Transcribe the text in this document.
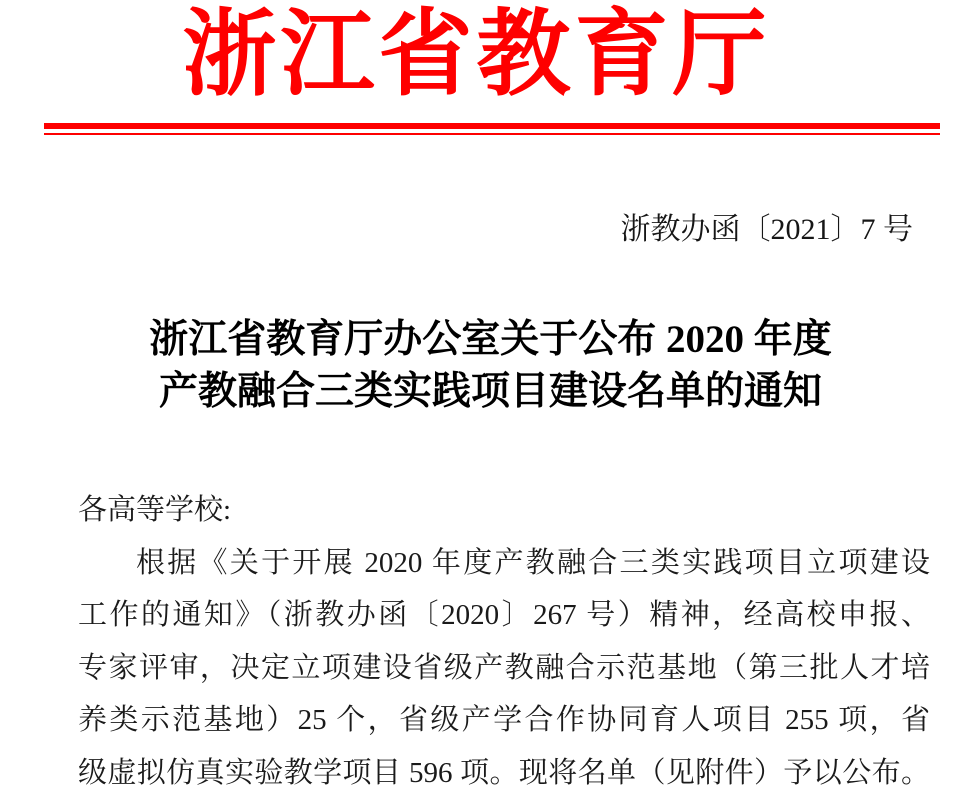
浙江省教育厅
浙教办函〔2021〕7 号
浙江省教育厅办公室关于公布 2020 年度
产教融合三类实践项目建设名单的通知
各高等学校:
根据《关于开展 2020 年度产教融合三类实践项目立项建设
工作的通知》（浙教办函〔2020〕267 号）精神，经高校申报、
专家评审，决定立项建设省级产教融合示范基地（第三批人才培
养类示范基地）25 个，省级产学合作协同育人项目 255 项，省
级虚拟仿真实验教学项目 596 项。现将名单（见附件）予以公布。
